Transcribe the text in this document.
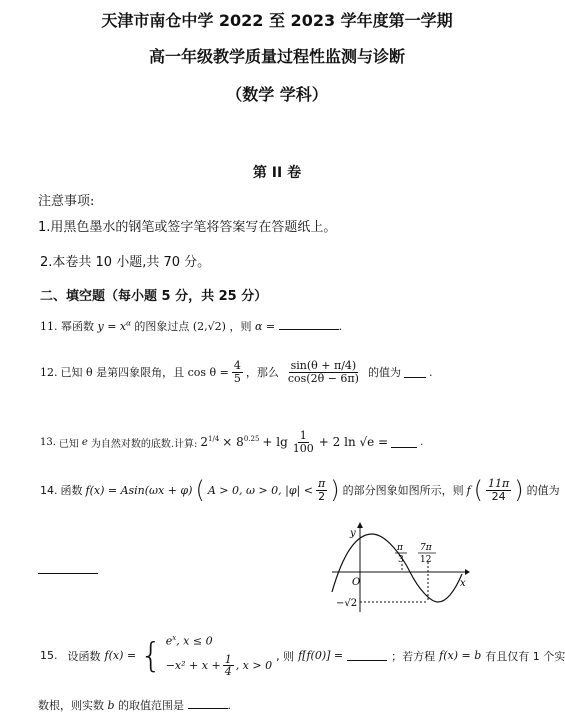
天津市南仓中学 2022 至 2023 学年度第一学期
高一年级教学质量过程性监测与诊断
（数学 学科）
第 II 卷
注意事项:
1.用黑色墨水的钢笔或签字笔将答案写在答题纸上。
2.本卷共 10 小题,共 70 分。
二、填空题（每小题 5 分，共 25 分）
11. 幂函数 $y = x^\alpha$ 的图象过点 (2,√2) ，则 α =	.
12. 已知 θ 是第四象限角，且 $\cos \theta = \frac{4}{5}$ ，那么 $\frac{\sin(\theta + \pi/4)}{\cos(2\theta - 6\pi)}$ 的值为	.
13. 已知 e 为自然对数的底数.计算: $2^{1/4} \times 8^{0.25} + \lg \frac{1}{100} + 2$ ln √e =	.
14. 函数 f(x) = Asin(ωx + φ) ( A > 0, ω > 0, $|\varphi| < \frac{\pi}{2}$ ) 的部分图象如图所示，则 f ( $\frac{11\pi}{24}$ ) 的值为
y
x
O
−√2
π
3
7π
12
15. 设函数 f(x) = { $e^x$, x ≤ 0
$-x^2 + x + \frac{1}{4}$ , x > 0
, 则 f[f(0)] =	；若方程 f(x) = b 有且仅有 1 个实
数根，则实数 b 的取值范围是	.
